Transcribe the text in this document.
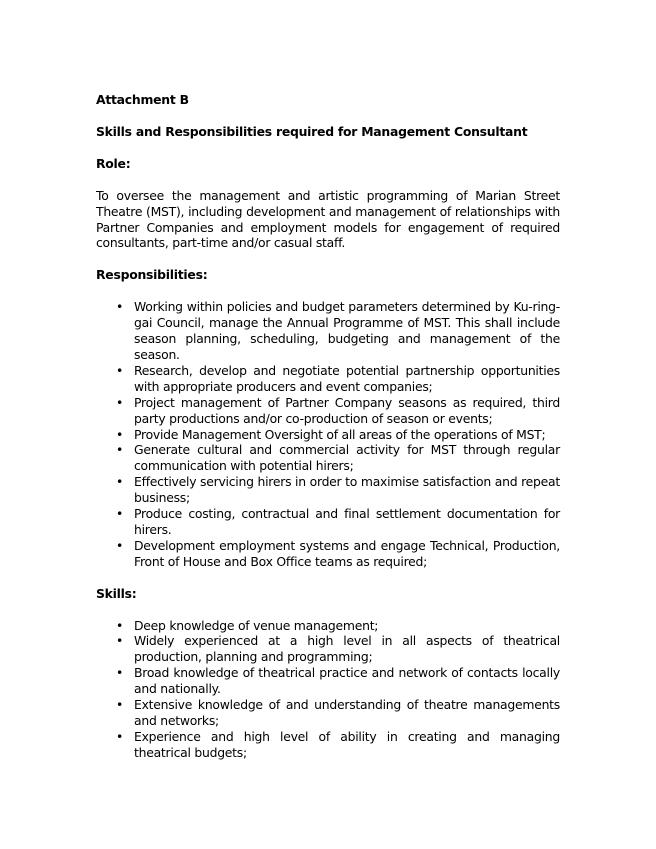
Attachment B

Skills and Responsibilities required for Management Consultant

Role:

To oversee the management and artistic programming of Marian Street Theatre (MST), including development and management of relationships with Partner Companies and employment models for engagement of required consultants, part-time and/or casual staff.

Responsibilities:

• Working within policies and budget parameters determined by Ku-ring-gai Council, manage the Annual Programme of MST. This shall include season planning, scheduling, budgeting and management of the season.
• Research, develop and negotiate potential partnership opportunities with appropriate producers and event companies;
• Project management of Partner Company seasons as required, third party productions and/or co-production of season or events;
• Provide Management Oversight of all areas of the operations of MST;
• Generate cultural and commercial activity for MST through regular communication with potential hirers;
• Effectively servicing hirers in order to maximise satisfaction and repeat business;
• Produce costing, contractual and final settlement documentation for hirers.
• Development employment systems and engage Technical, Production, Front of House and Box Office teams as required;

Skills:

• Deep knowledge of venue management;
• Widely experienced at a high level in all aspects of theatrical production, planning and programming;
• Broad knowledge of theatrical practice and network of contacts locally and nationally.
• Extensive knowledge of and understanding of theatre managements and networks;
• Experience and high level of ability in creating and managing theatrical budgets;
